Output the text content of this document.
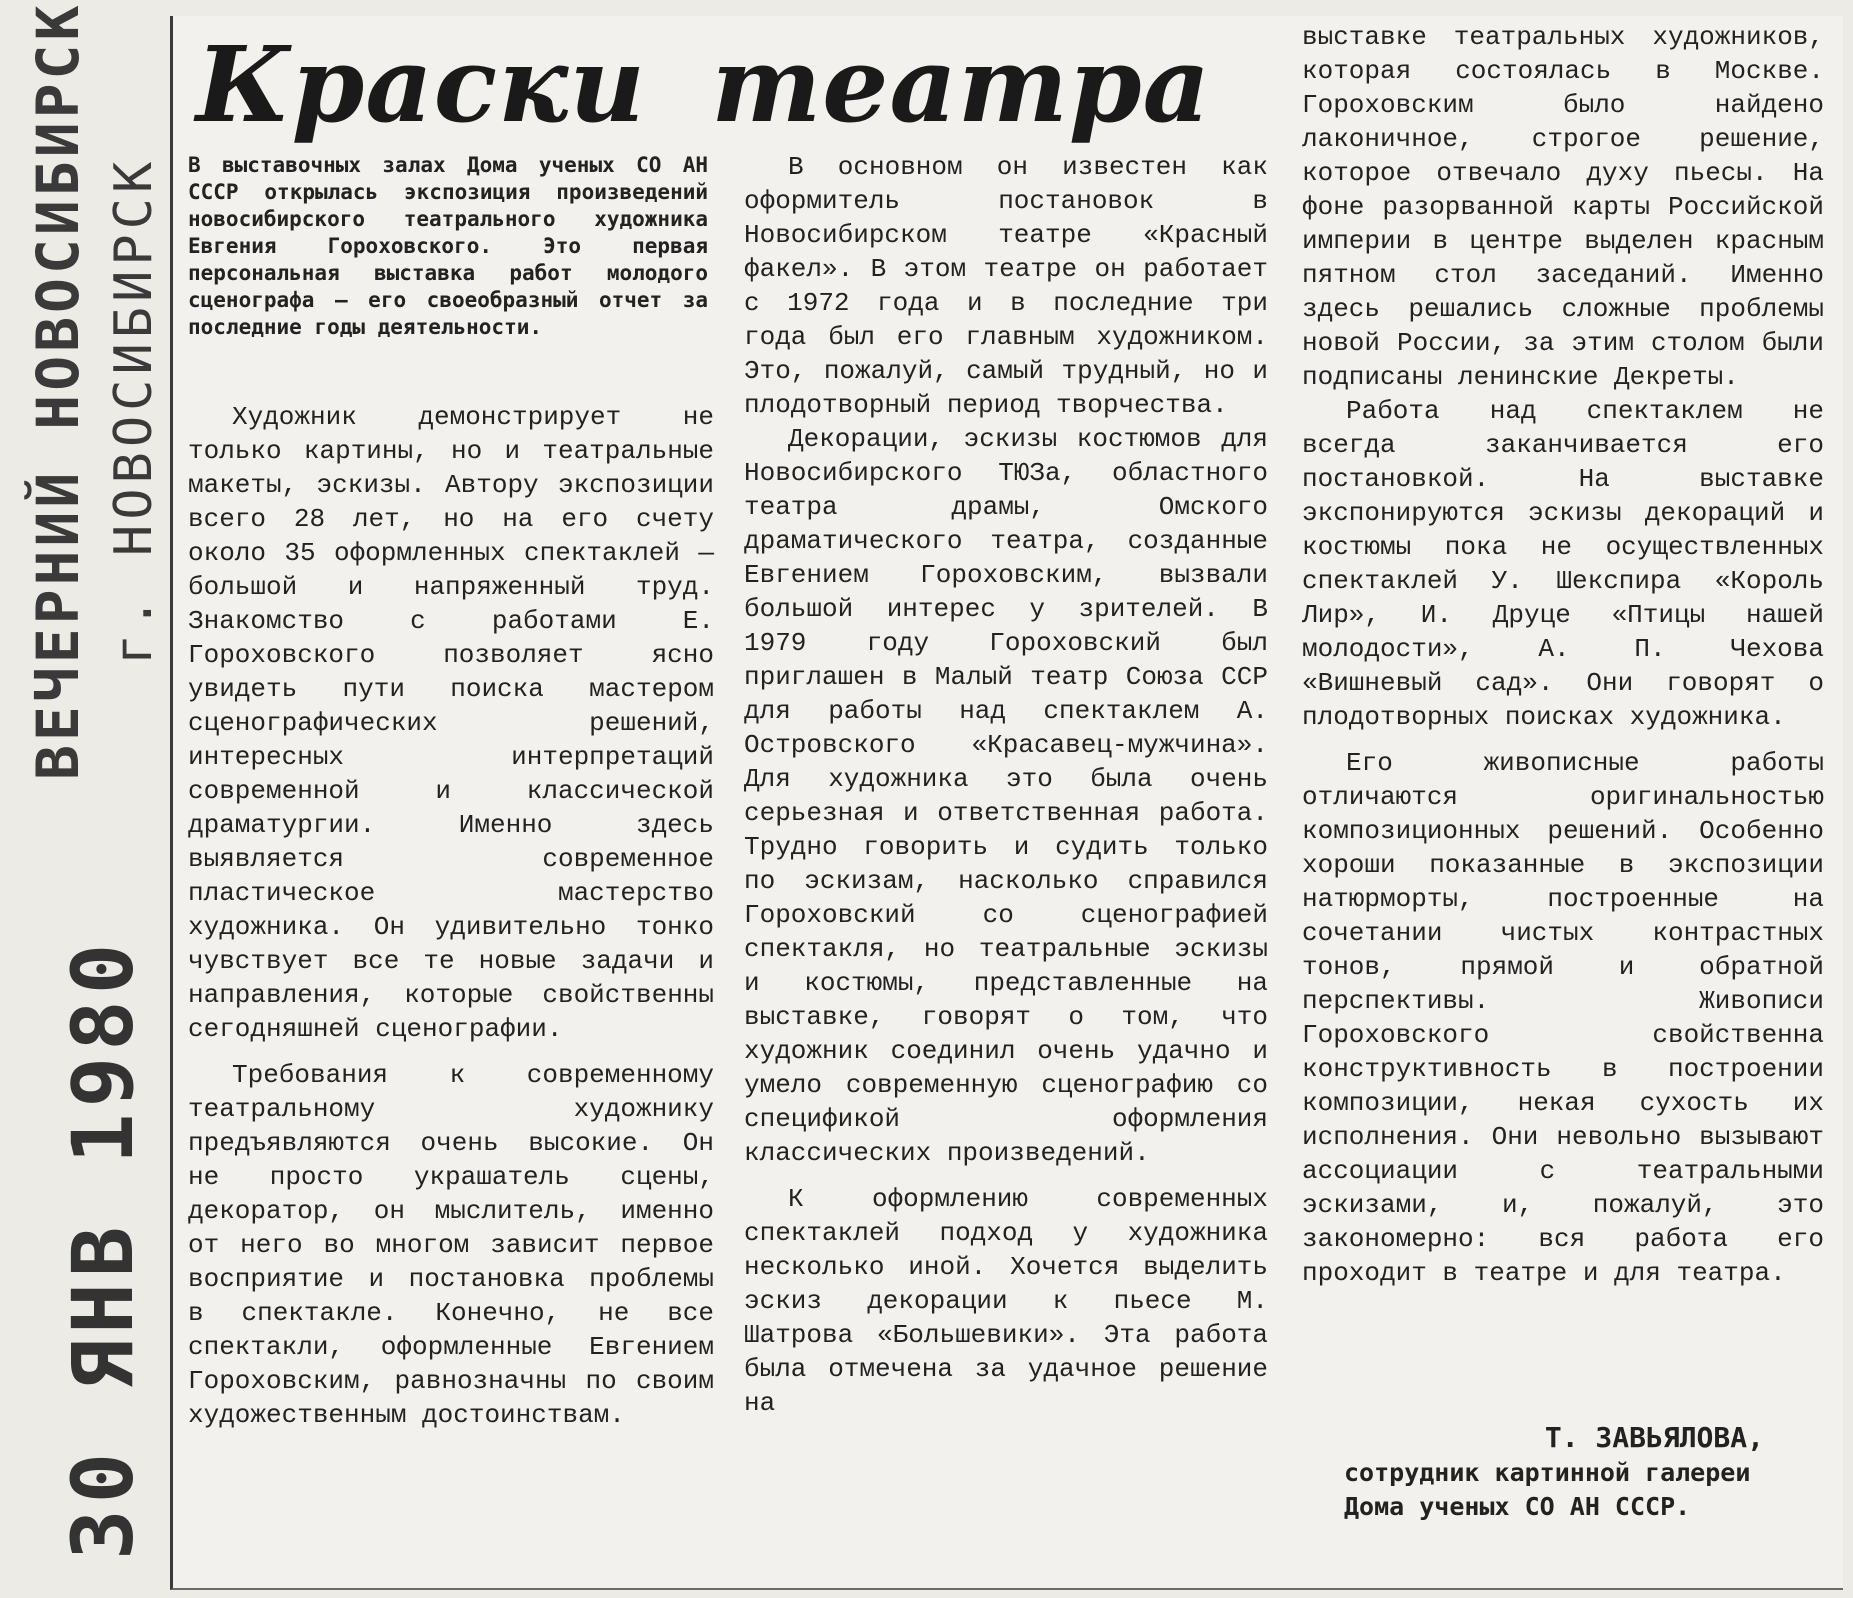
ВЕЧЕРНИЙ НОВОСИБИРСК г. НОВОСИБИРСК
30 ЯНВ 1980
Краски театра

В выставочных залах Дома ученых СО АН СССР открылась экспозиция произведений новосибирского театрального художника Евгения Гороховского. Это первая персональная выставка работ молодого сценографа — его своеобразный отчет за последние годы деятельности.

Художник демонстрирует не только картины, но и театральные макеты, эскизы. Автору экспозиции всего 28 лет, но на его счету около 35 оформленных спектаклей — большой и напряженный труд. Знакомство с работами Е. Гороховского позволяет ясно увидеть пути поиска мастером сценографических решений, интересных интерпретаций современной и классической драматургии. Именно здесь выявляется современное пластическое мастерство художника. Он удивительно тонко чувствует все те новые задачи и направления, которые свойственны сегодняшней сценографии.

Требования к современному театральному художнику предъявляются очень высокие. Он не просто украшатель сцены, декоратор, он мыслитель, именно от него во многом зависит первое восприятие и постановка проблемы в спектакле. Конечно, не все спектакли, оформленные Евгением Гороховским, равнозначны по своим художественным достоинствам.

В основном он известен как оформитель постановок в Новосибирском театре «Красный факел». В этом театре он работает с 1972 года и в последние три года был его главным художником. Это, пожалуй, самый трудный, но и плодотворный период творчества.

Декорации, эскизы костюмов для Новосибирского ТЮЗа, областного театра драмы, Омского драматического театра, созданные Евгением Гороховским, вызвали большой интерес у зрителей. В 1979 году Гороховский был приглашен в Малый театр Союза ССР для работы над спектаклем А. Островского «Красавец-мужчина». Для художника это была очень серьезная и ответственная работа. Трудно говорить и судить только по эскизам, насколько справился Гороховский со сценографией спектакля, но театральные эскизы и костюмы, представленные на выставке, говорят о том, что художник соединил очень удачно и умело современную сценографию со спецификой оформления классических произведений.

К оформлению современных спектаклей подход у художника несколько иной. Хочется выделить эскиз декорации к пьесе М. Шатрова «Большевики». Эта работа была отмечена за удачное решение на

выставке театральных художников, которая состоялась в Москве. Гороховским было найдено лаконичное, строгое решение, которое отвечало духу пьесы. На фоне разорванной карты Российской империи в центре выделен красным пятном стол заседаний. Именно здесь решались сложные проблемы новой России, за этим столом были подписаны ленинские Декреты.

Работа над спектаклем не всегда заканчивается его постановкой. На выставке экспонируются эскизы декораций и костюмы пока не осуществленных спектаклей У. Шекспира «Король Лир», И. Друце «Птицы нашей молодости», А. П. Чехова «Вишневый сад». Они говорят о плодотворных поисках художника.

Его живописные работы отличаются оригинальностью композиционных решений. Особенно хороши показанные в экспозиции натюрморты, построенные на сочетании чистых контрастных тонов, прямой и обратной перспективы. Живописи Гороховского свойственна конструктивность в построении композиции, некая сухость их исполнения. Они невольно вызывают ассоциации с театральными эскизами, и, пожалуй, это закономерно: вся работа его проходит в театре и для театра.

Т. ЗАВЬЯЛОВА,
сотрудник картинной галереи Дома ученых СО АН СССР.
